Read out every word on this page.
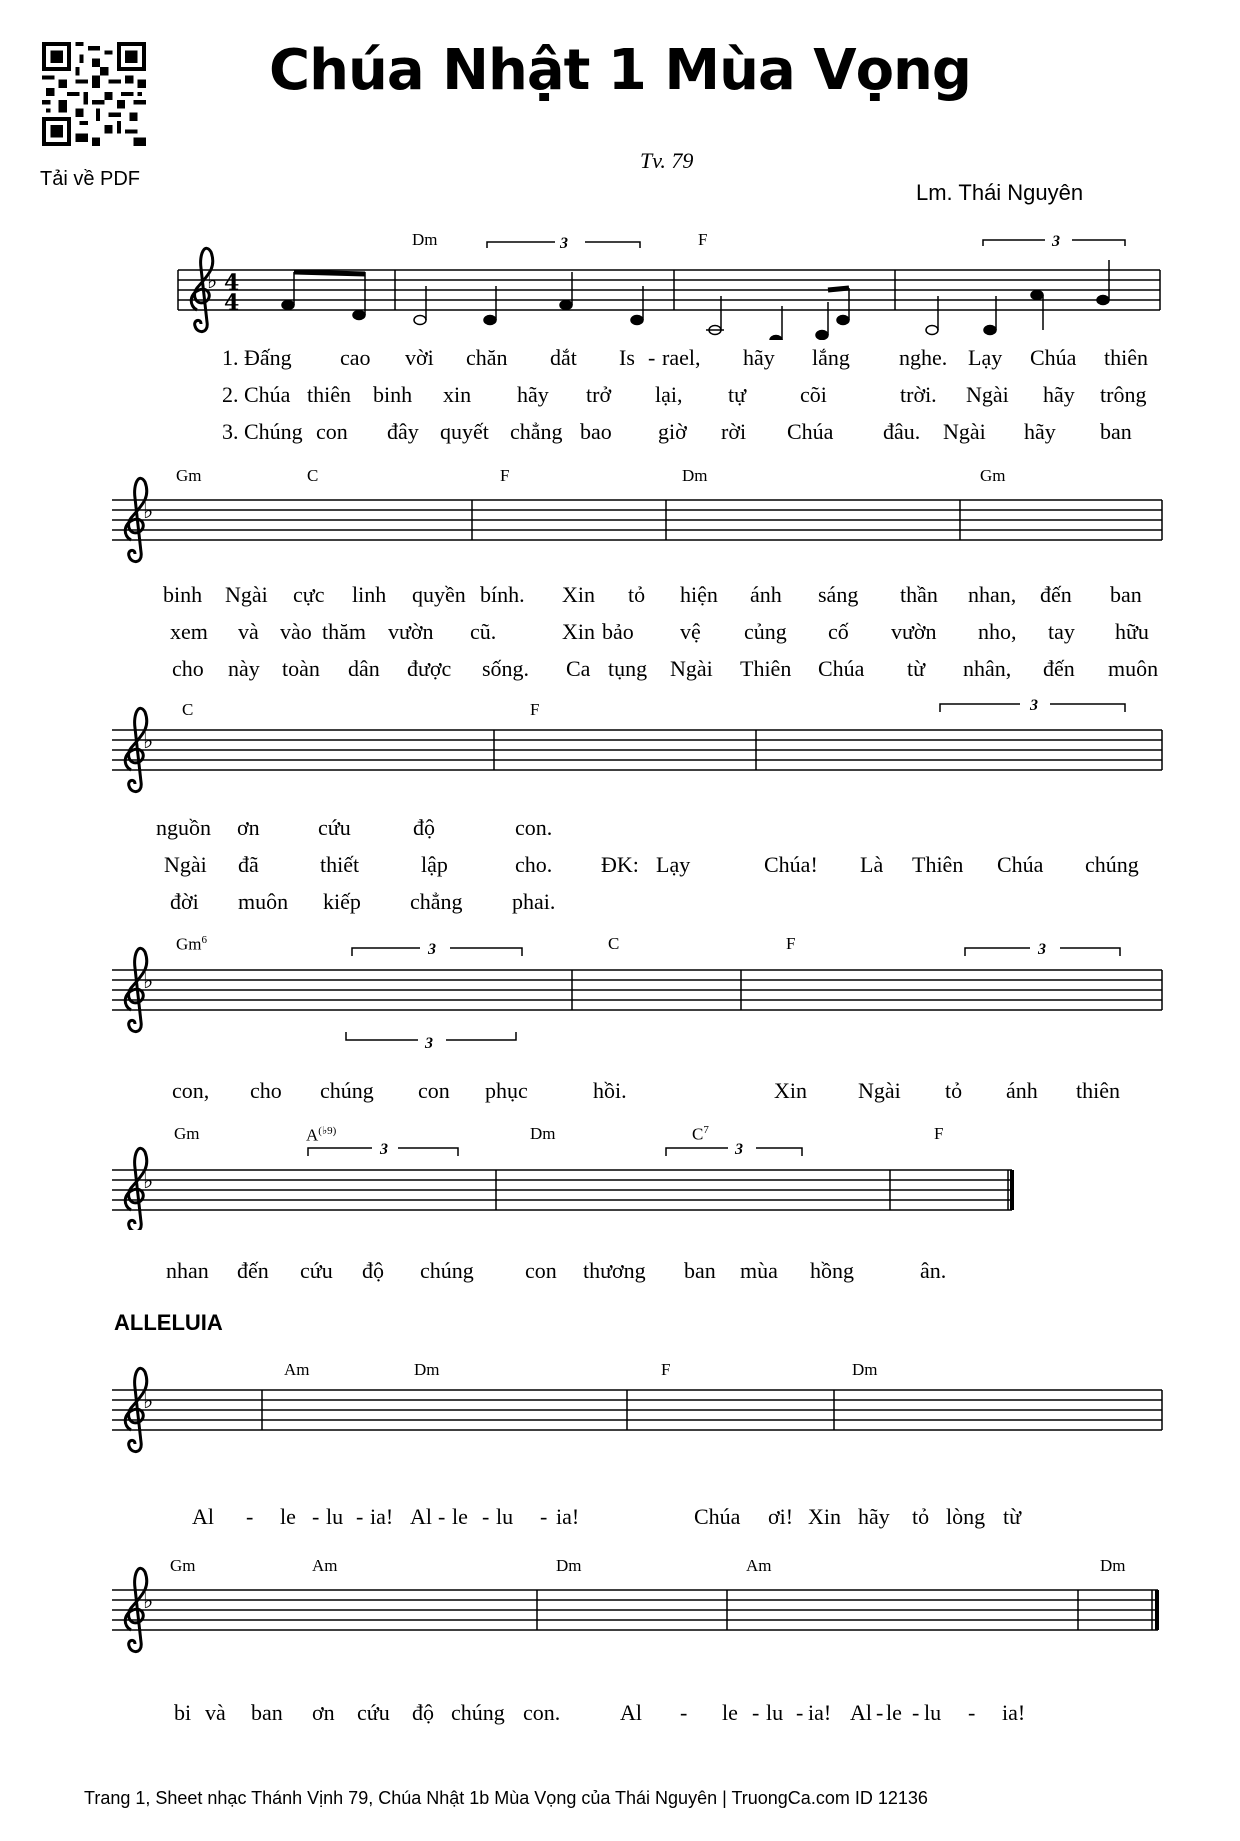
Tải về PDF
Chúa Nhật 1 Mùa Vọng
Tv. 79
Lm. Thái Nguyên
♭ 4
4
3	3
♭
♭
3
♭
3
3
3
♭
3	3
ALLELUIA
♭
♭
Dm	F
Gm	C	F	Dm	Gm
C	F
Gm$^6$	C	F
Gm	$A^{(♭9)}$	Dm	$C^7$	F
Am	Dm	F	Dm
Gm	Am	Dm	Am	Dm
1. Đấng cao vời chăn dắt Is - rael, hãy lắng nghe. Lạy Chúa thiên
2. Chúa thiên binh xin hãy trở lại, tự cõi	trời. Ngài hãy trông
3. Chúng con đây quyết chẳng bao giờ rời Chúa đâu. Ngài hãy ban
binh Ngài cực linh quyền bính. Xin tỏ hiện ánh sáng thần nhan, đến ban
xem và vào thăm vườn cũ.	Xin bảo vệ củng cố vườn nho, tay hữu
cho này toàn dân được sống. Ca tụng Ngài Thiên Chúa từ nhân, đến muôn
nguồn ơn	cứu	độ	con.
Ngài đã	thiết	lập	cho. ĐK: Lạy	Chúa! Là Thiên Chúa chúng
đời muôn kiếp chẳng phai.
con, cho chúng con phục	hồi.	Xin Ngài tỏ ánh thiên
nhan đến cứu độ chúng con thương ban mùa hồng	ân.
Al - le - lu - ia! Al - le - lu - ia!	Chúa ơi! Xin hãy tỏ lòng từ
bi và ban ơn cứu độ chúng con.	Al - le - lu - ia! Al - le - lu - ia!
Trang 1, Sheet nhạc Thánh Vịnh 79, Chúa Nhật 1b Mùa Vọng của Thái Nguyên | TruongCa.com ID 12136
